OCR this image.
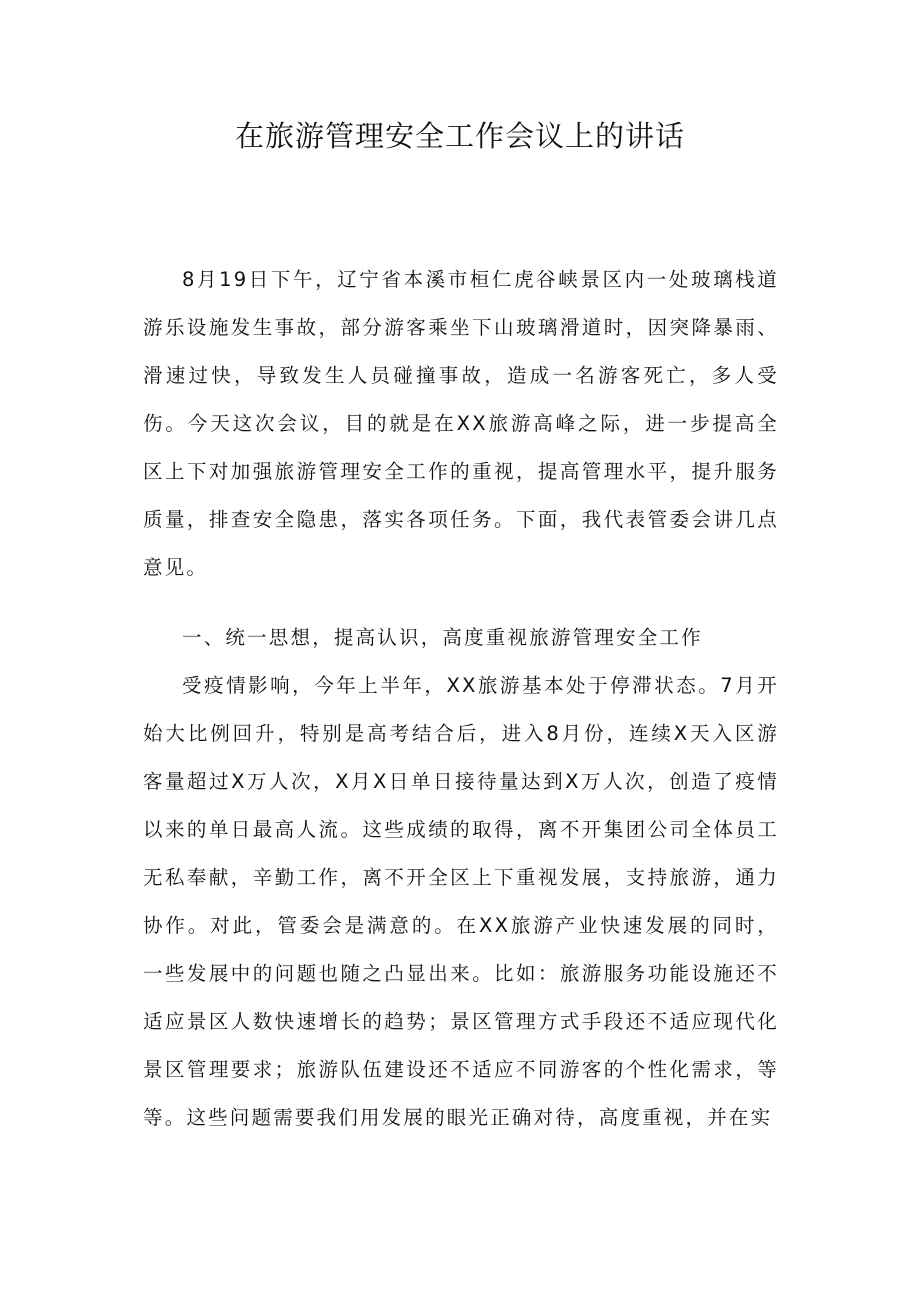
在旅游管理安全工作会议上的讲话

8月19日下午，辽宁省本溪市桓仁虎谷峡景区内一处玻璃栈道游乐设施发生事故，部分游客乘坐下山玻璃滑道时，因突降暴雨、滑速过快，导致发生人员碰撞事故，造成一名游客死亡，多人受伤。今天这次会议，目的就是在XX旅游高峰之际，进一步提高全区上下对加强旅游管理安全工作的重视，提高管理水平，提升服务质量，排查安全隐患，落实各项任务。下面，我代表管委会讲几点意见。

一、统一思想，提高认识，高度重视旅游管理安全工作

受疫情影响，今年上半年，XX旅游基本处于停滞状态。7月开始大比例回升，特别是高考结合后，进入8月份，连续X天入区游客量超过X万人次，X月X日单日接待量达到X万人次，创造了疫情以来的单日最高人流。这些成绩的取得，离不开集团公司全体员工无私奉献，辛勤工作，离不开全区上下重视发展，支持旅游，通力协作。对此，管委会是满意的。在XX旅游产业快速发展的同时，一些发展中的问题也随之凸显出来。比如：旅游服务功能设施还不适应景区人数快速增长的趋势；景区管理方式手段还不适应现代化景区管理要求；旅游队伍建设还不适应不同游客的个性化需求，等等。这些问题需要我们用发展的眼光正确对待，高度重视，并在实
